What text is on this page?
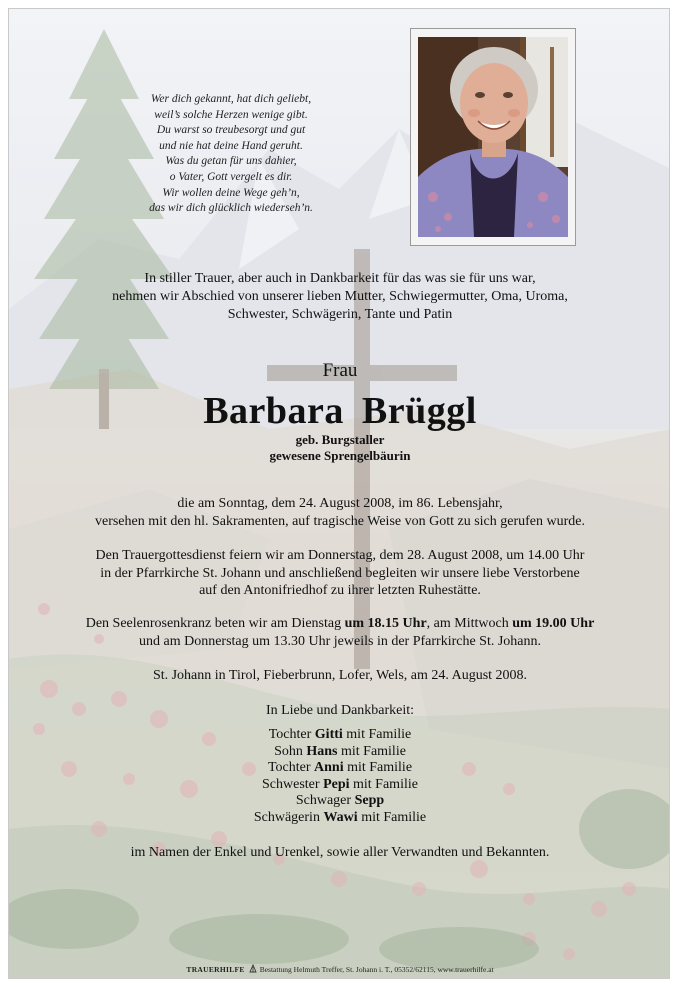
Wer dich gekannt, hat dich geliebt,
weil’s solche Herzen wenige gibt.
Du warst so treubesorgt und gut
und nie hat deine Hand geruht.
Was du getan für uns dahier,
o Vater, Gott vergelt es dir.
Wir wollen deine Wege geh’n,
das wir dich glücklich wiederseh’n.
In stiller Trauer, aber auch in Dankbarkeit für das was sie für uns war,
nehmen wir Abschied von unserer lieben Mutter, Schwiegermutter, Oma, Uroma,
Schwester, Schwägerin, Tante und Patin
Frau
Barbara Brüggl
geb. Burgstaller
gewesene Sprengelbäurin
die am Sonntag, dem 24. August 2008, im 86. Lebensjahr,
versehen mit den hl. Sakramenten, auf tragische Weise von Gott zu sich gerufen wurde.
Den Trauergottesdienst feiern wir am Donnerstag, dem 28. August 2008, um 14.00 Uhr
in der Pfarrkirche St. Johann und anschließend begleiten wir unsere liebe Verstorbene
auf den Antonifriedhof zu ihrer letzten Ruhestätte.
Den Seelenrosenkranz beten wir am Dienstag um 18.15 Uhr, am Mittwoch um 19.00 Uhr
und am Donnerstag um 13.30 Uhr jeweils in der Pfarrkirche St. Johann.
St. Johann in Tirol, Fieberbrunn, Lofer, Wels, am 24. August 2008.
In Liebe und Dankbarkeit:
Tochter Gitti mit Familie
Sohn Hans mit Familie
Tochter Anni mit Familie
Schwester Pepi mit Familie
Schwager Sepp
Schwägerin Wawi mit Familie
im Namen der Enkel und Urenkel, sowie aller Verwandten und Bekannten.
TRAUERHILFE Bestattung Helmuth Treffer, St. Johann i. T., 05352/62115, www.trauerhilfe.at
